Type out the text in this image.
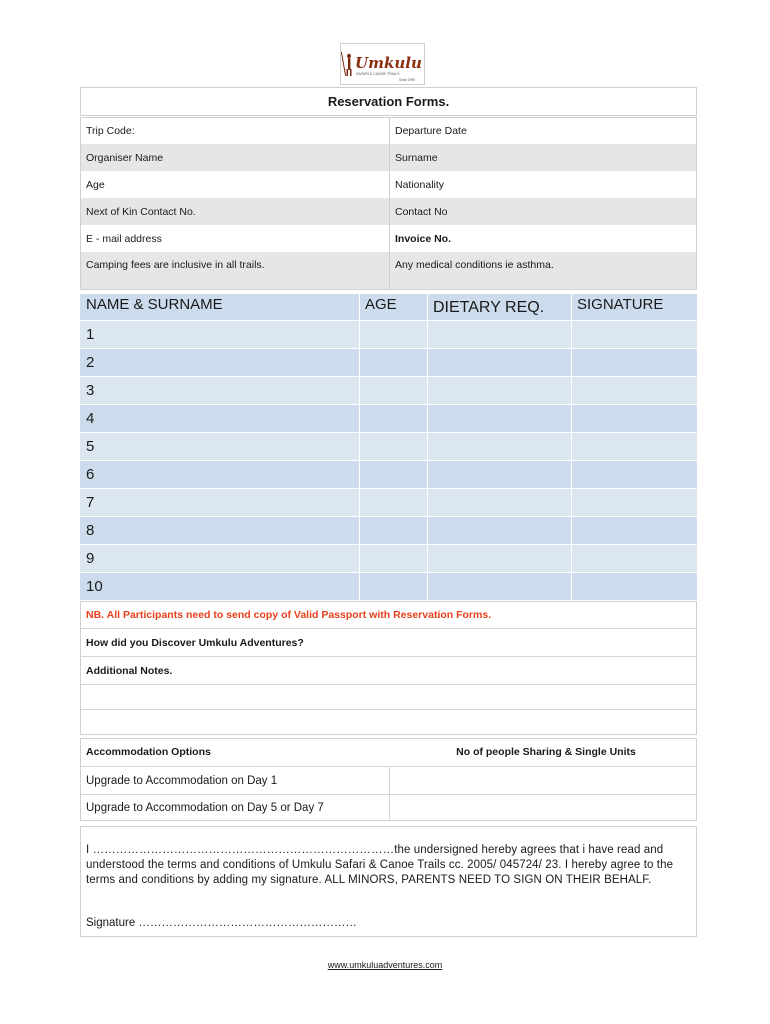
Umkulu
SAFARI & CANOE TRAILS
Since 1995
Reservation Forms.
Trip Code:	Departure Date
Organiser Name	Surname
Age	Nationality
Next of Kin Contact No.	Contact No
E - mail address	Invoice No.
Camping fees are inclusive in all trails.	Any medical conditions ie asthma.
NAME & SURNAME	AGE	DIETARY REQ.	SIGNATURE
1
2
3
4
5
6
7
8
9
10
NB. All Participants need to send copy of Valid Passport with Reservation Forms.
How did you Discover Umkulu Adventures?
Additional Notes.
Accommodation Options	No of people Sharing & Single Units
Upgrade to Accommodation on Day 1
Upgrade to Accommodation on Day 5 or Day 7
I ……………………………………………………………………the undersigned hereby agrees that i have read and understood the terms and conditions of Umkulu Safari & Canoe Trails cc. 2005/ 045724/ 23. I hereby agree to the terms and conditions by adding my signature. ALL MINORS, PARENTS NEED TO SIGN ON THEIR BEHALF.
Signature …………………………………………………
www.umkuluadventures.com
